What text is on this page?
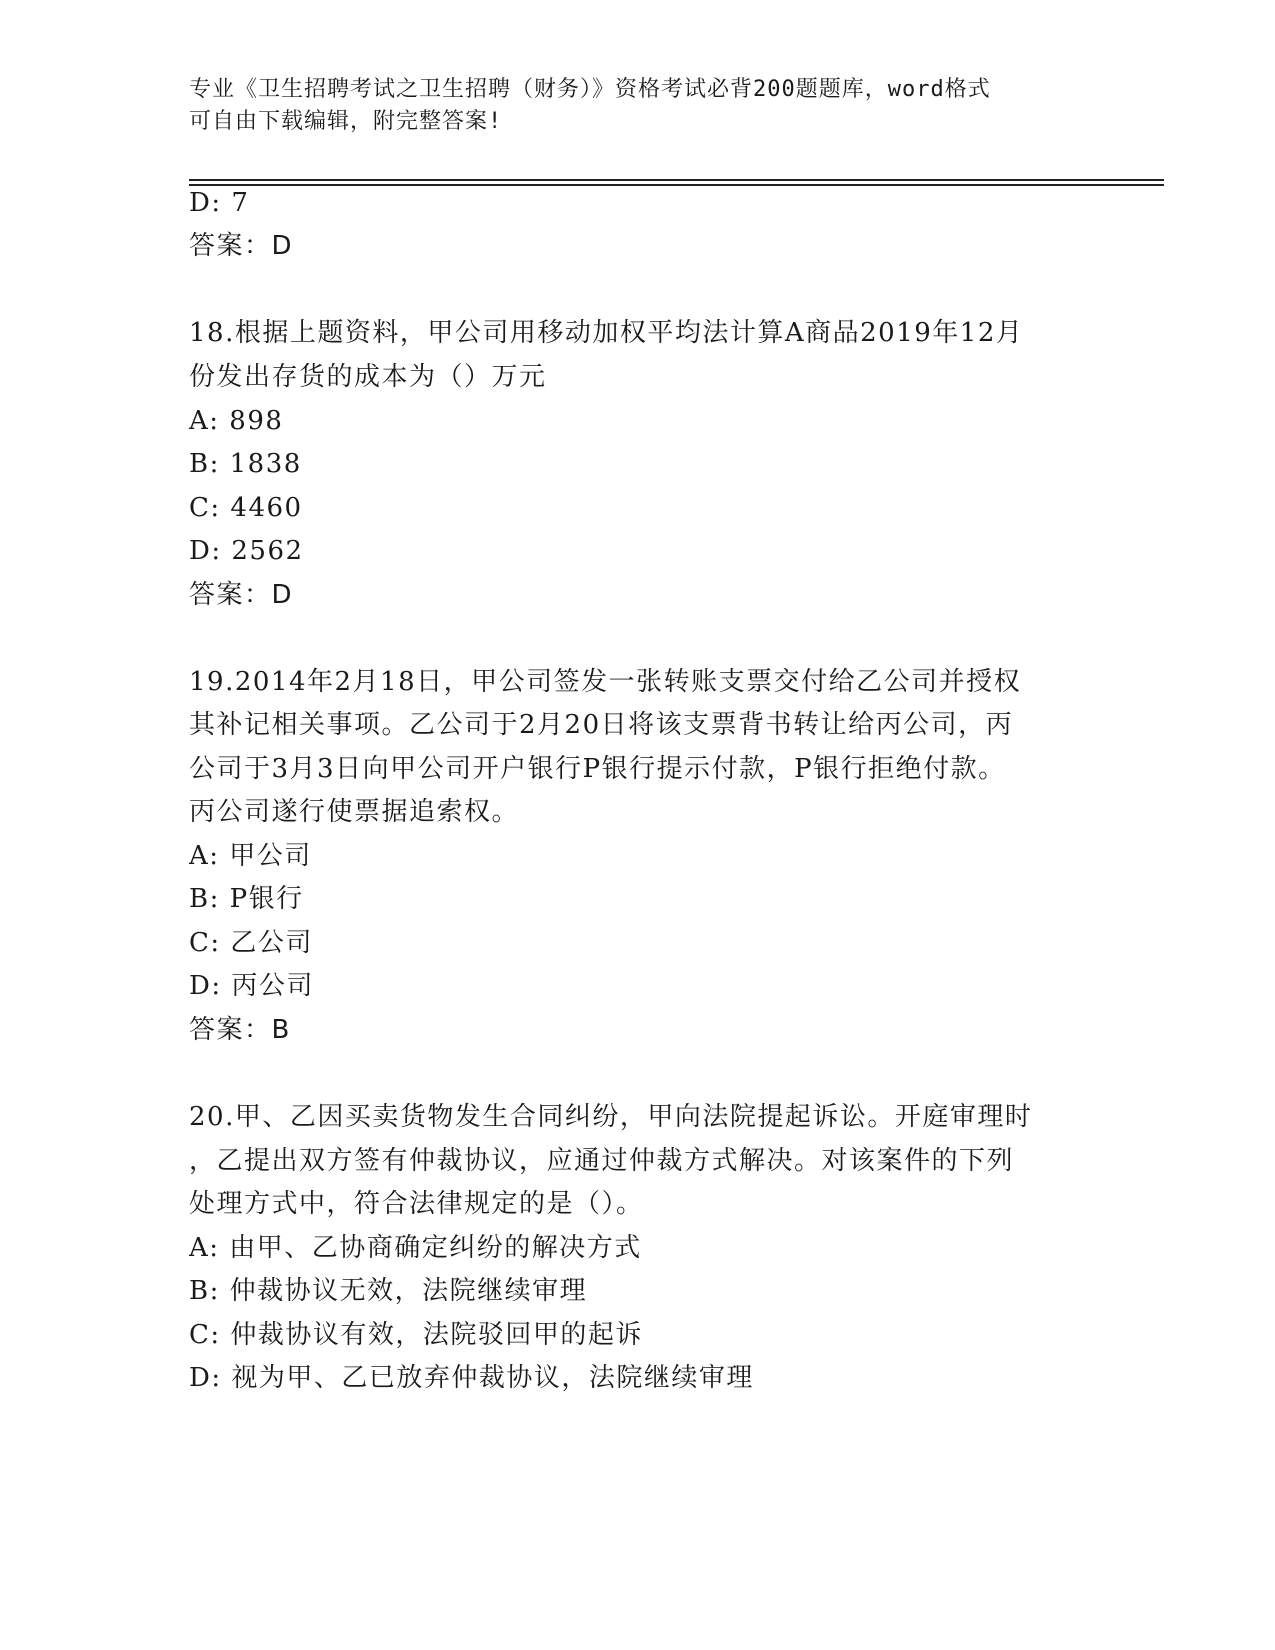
专业《卫生招聘考试之卫生招聘（财务）》资格考试必背200题题库，word格式
可自由下载编辑，附完整答案!
D: 7
答案：D
18.根据上题资料，甲公司用移动加权平均法计算A商品2019年12月
份发出存货的成本为（）万元
A: 898
B: 1838
C: 4460
D: 2562
答案：D
19.2014年2月18日，甲公司签发一张转账支票交付给乙公司并授权
其补记相关事项。乙公司于2月20日将该支票背书转让给丙公司，丙
公司于3月3日向甲公司开户银行P银行提示付款，P银行拒绝付款。
丙公司遂行使票据追索权。
A: 甲公司
B: P银行
C: 乙公司
D: 丙公司
答案：B
20.甲、乙因买卖货物发生合同纠纷，甲向法院提起诉讼。开庭审理时
，乙提出双方签有仲裁协议，应通过仲裁方式解决。对该案件的下列
处理方式中，符合法律规定的是（）。
A: 由甲、乙协商确定纠纷的解决方式
B: 仲裁协议无效，法院继续审理
C: 仲裁协议有效，法院驳回甲的起诉
D: 视为甲、乙已放弃仲裁协议，法院继续审理
